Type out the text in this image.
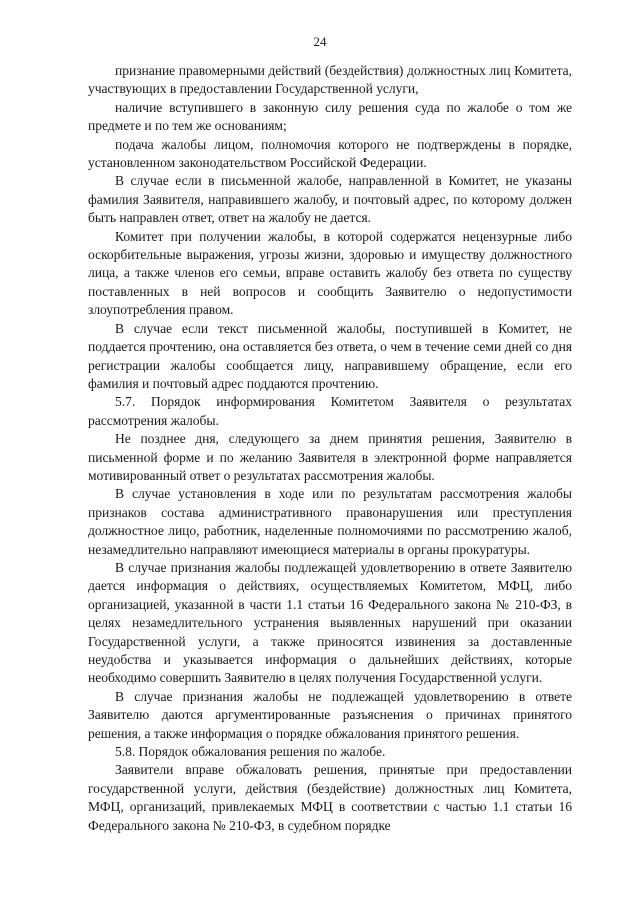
24

признание правомерными действий (бездействия) должностных лиц Комитета, участвующих в предоставлении Государственной услуги,

наличие вступившего в законную силу решения суда по жалобе о том же предмете и по тем же основаниям;

подача жалобы лицом, полномочия которого не подтверждены в порядке, установленном законодательством Российской Федерации.

В случае если в письменной жалобе, направленной в Комитет, не указаны фамилия Заявителя, направившего жалобу, и почтовый адрес, по которому должен быть направлен ответ, ответ на жалобу не дается.

Комитет при получении жалобы, в которой содержатся нецензурные либо оскорбительные выражения, угрозы жизни, здоровью и имуществу должностного лица, а также членов его семьи, вправе оставить жалобу без ответа по существу поставленных в ней вопросов и сообщить Заявителю о недопустимости злоупотребления правом.

В случае если текст письменной жалобы, поступившей в Комитет, не поддается прочтению, она оставляется без ответа, о чем в течение семи дней со дня регистрации жалобы сообщается лицу, направившему обращение, если его фамилия и почтовый адрес поддаются прочтению.

5.7. Порядок информирования Комитетом Заявителя о результатах рассмотрения жалобы.

Не позднее дня, следующего за днем принятия решения, Заявителю в письменной форме и по желанию Заявителя в электронной форме направляется мотивированный ответ о результатах рассмотрения жалобы.

В случае установления в ходе или по результатам рассмотрения жалобы признаков состава административного правонарушения или преступления должностное лицо, работник, наделенные полномочиями по рассмотрению жалоб, незамедлительно направляют имеющиеся материалы в органы прокуратуры.

В случае признания жалобы подлежащей удовлетворению в ответе Заявителю дается информация о действиях, осуществляемых Комитетом, МФЦ, либо организацией, указанной в части 1.1 статьи 16 Федерального закона № 210-ФЗ, в целях незамедлительного устранения выявленных нарушений при оказании Государственной услуги, а также приносятся извинения за доставленные неудобства и указывается информация о дальнейших действиях, которые необходимо совершить Заявителю в целях получения Государственной услуги.

В случае признания жалобы не подлежащей удовлетворению в ответе Заявителю даются аргументированные разъяснения о причинах принятого решения, а также информация о порядке обжалования принятого решения.

5.8. Порядок обжалования решения по жалобе.

Заявители вправе обжаловать решения, принятые при предоставлении государственной услуги, действия (бездействие) должностных лиц Комитета, МФЦ, организаций, привлекаемых МФЦ в соответствии с частью 1.1 статьи 16 Федерального закона № 210-ФЗ, в судебном порядке
